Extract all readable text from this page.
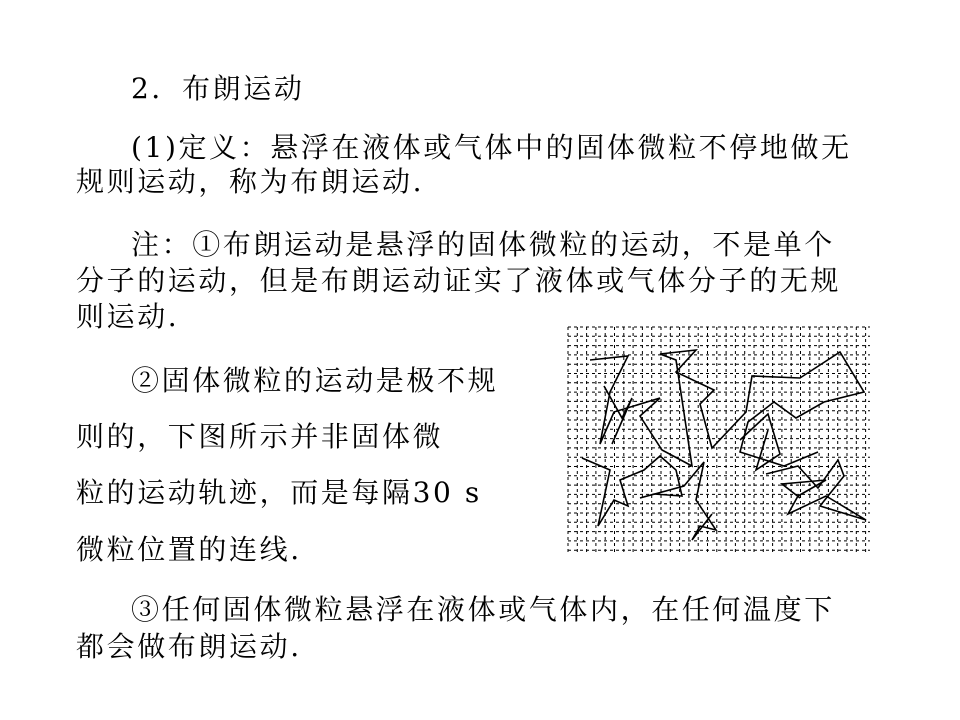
2．布朗运动
(1)定义：悬浮在液体或气体中的固体微粒不停地做无
规则运动，称为布朗运动.
注：①布朗运动是悬浮的固体微粒的运动，不是单个
分子的运动，但是布朗运动证实了液体或气体分子的无规
则运动.
②固体微粒的运动是极不规
则的，下图所示并非固体微
粒的运动轨迹，而是每隔30 s
微粒位置的连线.
③任何固体微粒悬浮在液体或气体内，在任何温度下
都会做布朗运动.
